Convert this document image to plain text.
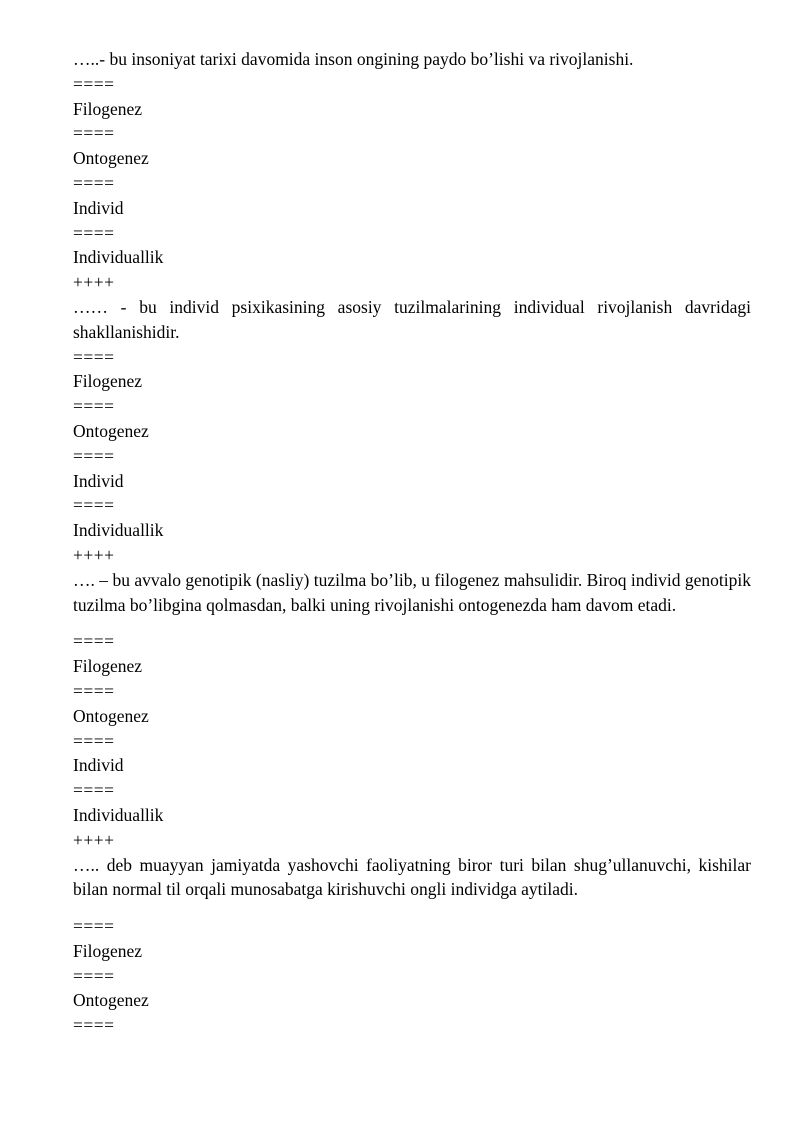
…..- bu insoniyat tarixi davomida inson ongining paydo bo’lishi va rivojlanishi.
====
Filogenez
====
Ontogenez
====
Individ
====
Individuallik
++++
…… - bu individ psixikasining asosiy tuzilmalarining individual rivojlanish davridagi shakllanishidir.
====
Filogenez
====
Ontogenez
====
Individ
====
Individuallik
++++
…. – bu avvalo genotipik (nasliy) tuzilma bo’lib, u filogenez mahsulidir. Biroq individ genotipik tuzilma bo’libgina qolmasdan, balki uning rivojlanishi ontogenezda ham davom etadi.
====
Filogenez
====
Ontogenez
====
Individ
====
Individuallik
++++
….. deb muayyan jamiyatda yashovchi faoliyatning biror turi bilan shug’ullanuvchi, kishilar bilan normal til orqali munosabatga kirishuvchi ongli individga aytiladi.
====
Filogenez
====
Ontogenez
====
